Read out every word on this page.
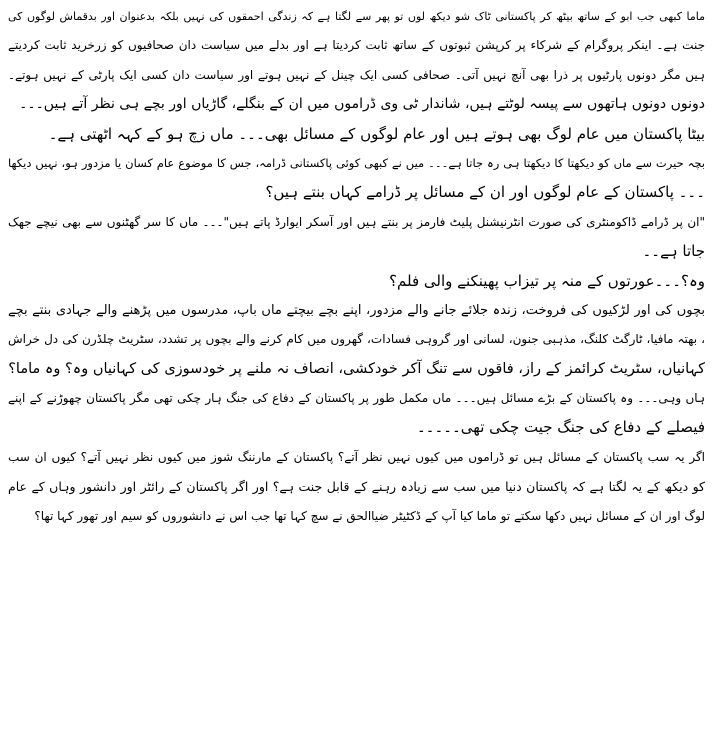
ماما کبھی جب ابو کے ساتھ بیٹھ کر پاکستانی ٹاک شو دیکھ لوں تو پھر سے لگتا ہے کہ زندگی احمقوں کی نہیں بلکہ بدعنوان اور بدقماش لوگوں کی
جنت ہے۔ اینکر پروگرام کے شرکاء پر کرپشن ثبوتوں کے ساتھ ثابت کردیتا ہے اور بدلے میں سیاست دان صحافیوں کو زرخرید ثابت کردیتے
ہیں مگر دونوں پارٹیوں پر ذرا بھی آنچ نہیں آتی۔ صحافی کسی ایک چینل کے نہیں ہوتے اور سیاست دان کسی ایک پارٹی کے نہیں ہوتے۔
دونوں دونوں ہاتھوں سے پیسہ لوٹتے ہیں، شاندار ٹی وی ڈراموں میں ان کے بنگلے، گاڑیاں اور بچے ہی نظر آتے ہیں۔۔۔
بیٹا پاکستان میں عام لوگ بھی ہوتے ہیں اور عام لوگوں کے مسائل بھی۔۔۔ ماں زچ ہو کے کہہ اٹھتی ہے۔
بچہ حیرت سے ماں کو دیکھتا کا دیکھتا ہی رہ جاتا ہے۔۔۔ میں نے کبھی کوئی پاکستانی ڈرامہ، جس کا موضوع عام کسان یا مزدور ہو، نہیں دیکھا
۔۔۔ پاکستان کے عام لوگوں اور ان کے مسائل پر ڈرامے کہاں بنتے ہیں؟
"ان پر ڈرامے ڈاکومنٹری کی صورت انٹرنیشنل پلیٹ فارمز پر بنتے ہیں اور آسکر ایوارڈ پاتے ہیں"۔۔۔ ماں کا سر گھٹنوں سے بھی نیچے جھک
جاتا ہے۔۔
وہ؟۔۔۔عورتوں کے منہ پر تیزاب پھینکنے والی فلم؟
بچوں کی اور لڑکیوں کی فروخت، زندہ جلائے جانے والے مزدور، اپنے بچے بیچتے ماں باپ، مدرسوں میں پڑھنے والے جہادی بنتے بچے
، بھتہ مافیا، ٹارگٹ کلنگ، مذہبی جنون، لسانی اور گروہی فسادات، گھروں میں کام کرنے والے بچوں پر تشدد، سٹریٹ چلڈرن کی دل خراش
کہانیاں، سٹریٹ کرائمز کے راز، فاقوں سے تنگ آکر خودکشی، انصاف نہ ملنے پر خودسوزی کی کہانیاں وہ؟ وہ ماما؟
ہاں وہی۔۔۔ وہ پاکستان کے بڑے مسائل ہیں۔۔۔ ماں مکمل طور پر پاکستان کے دفاع کی جنگ ہار چکی تھی مگر پاکستان چھوڑنے کے اپنے
فیصلے کے دفاع کی جنگ جیت چکی تھی۔۔۔۔۔
اگر یہ سب پاکستان کے مسائل ہیں تو ڈراموں میں کیوں نہیں نظر آتے؟ پاکستان کے مارننگ شوز میں کیوں نظر نہیں آتے؟ کیوں ان سب
کو دیکھ کے یہ لگتا ہے کہ پاکستان دنیا میں سب سے زیادہ رہنے کے قابل جنت ہے؟ اور اگر پاکستان کے رائٹر اور دانشور وہاں کے عام
لوگ اور ان کے مسائل نہیں دکھا سکتے تو ماما کیا آپ کے ڈکٹیٹر ضیاالحق نے سچ کہا تھا جب اس نے دانشوروں کو سیم اور تھور کہا تھا؟
